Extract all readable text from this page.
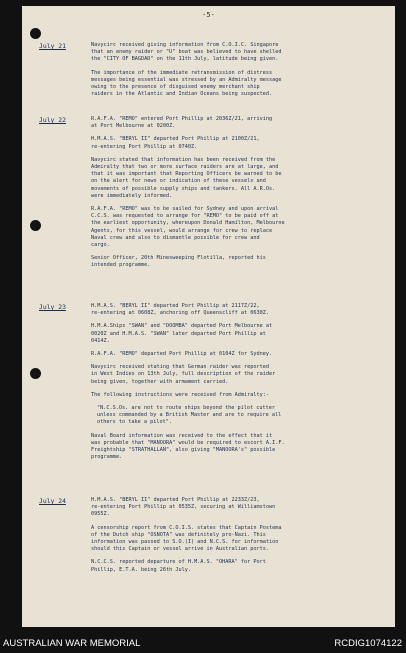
-5-
July 21	Navycirc received giving information from C.O.I.C. Singapore
that an enemy raider or "U" boat was believed to have shelled
the "CITY OF BAGDAD" on the 11th July, latitude being given.

The importance of the immediate retransmission of distress
messages being essential was stressed by an Admiralty message
owing to the presence of disguised enemy merchant ship
raiders in the Atlantic and Indian Oceans being suspected.

July 22	R.A.F.A. "REMO" entered Port Phillip at 2036Z/21, arriving
at Port Melbourne at 0200Z.

H.M.A.S. "BERYL II" departed Port Phillip at 2100Z/21,
re-entering Port Phillip at 0740Z.

Navycirc stated that information has been received from the
Admiralty that two or more surface raiders are at large, and
that it was important that Reporting Officers be warned to be
on the alert for news or indication of these vessels and
movements of possible supply ships and tankers. All A.R.Os.
were immediately informed.

R.A.F.A. "REMO" was to be sailed for Sydney and upon arrival
C.C.S. was requested to arrange for "REMO" to be paid off at
the earliest opportunity, whereupon Donald Hamilton, Melbourne
Agents, for this vessel, would arrange for crew to replace
Naval crew and also to dismantle possible for crew and
cargo.

Senior Officer, 20th Minesweeping Flotilla, reported his
intended programme.

July 23	H.M.A.S. "BERYL II" departed Port Phillip at 2117Z/22,
re-entering at 0608Z, anchoring off Queenscliff at 0630Z.

H.M.A.Ships "SWAN" and "DOOMBA" departed Port Melbourne at
0020Z and H.M.A.S. "SWAN" later departed Port Phillip at
0414Z.

R.A.F.A. "REMO" departed Port Phillip at 0104Z for Sydney.

Navycirc received stating that German raider was reported
in West Indies on 13th July, full description of the raider
being given, together with armament carried.

The following instructions were received from Admiralty:-

"N.C.S.Os. are not to route ships beyond the pilot cutter
unless commanded by a British Master and are to require all
others to take a pilot".

Naval Board information was received to the effect that it
was probable that "MANOORA" would be required to escort A.I.F.
Freightship "STRATHALLAN", also giving "MANOORA's" possible
programme.

July 24	H.M.A.S. "BERYL II" departed Port Phillip at 2233Z/23,
re-entering Port Phillip at 0535Z, securing at Williamstown
0955Z.

A censorship report from C.O.I.S. states that Captain Postema
of the Dutch ship "OSNOTA" was definitely pro-Nazi. This
information was passed to S.O.(I) and N.C.S. for information
should this Captain or vessel arrive in Australian ports.

N.C.C.S. reported departure of H.M.A.S. "OHARA" for Port
Phillip, E.T.A. being 26th July.

AUSTRALIAN WAR MEMORIAL	RCDIG1074122
